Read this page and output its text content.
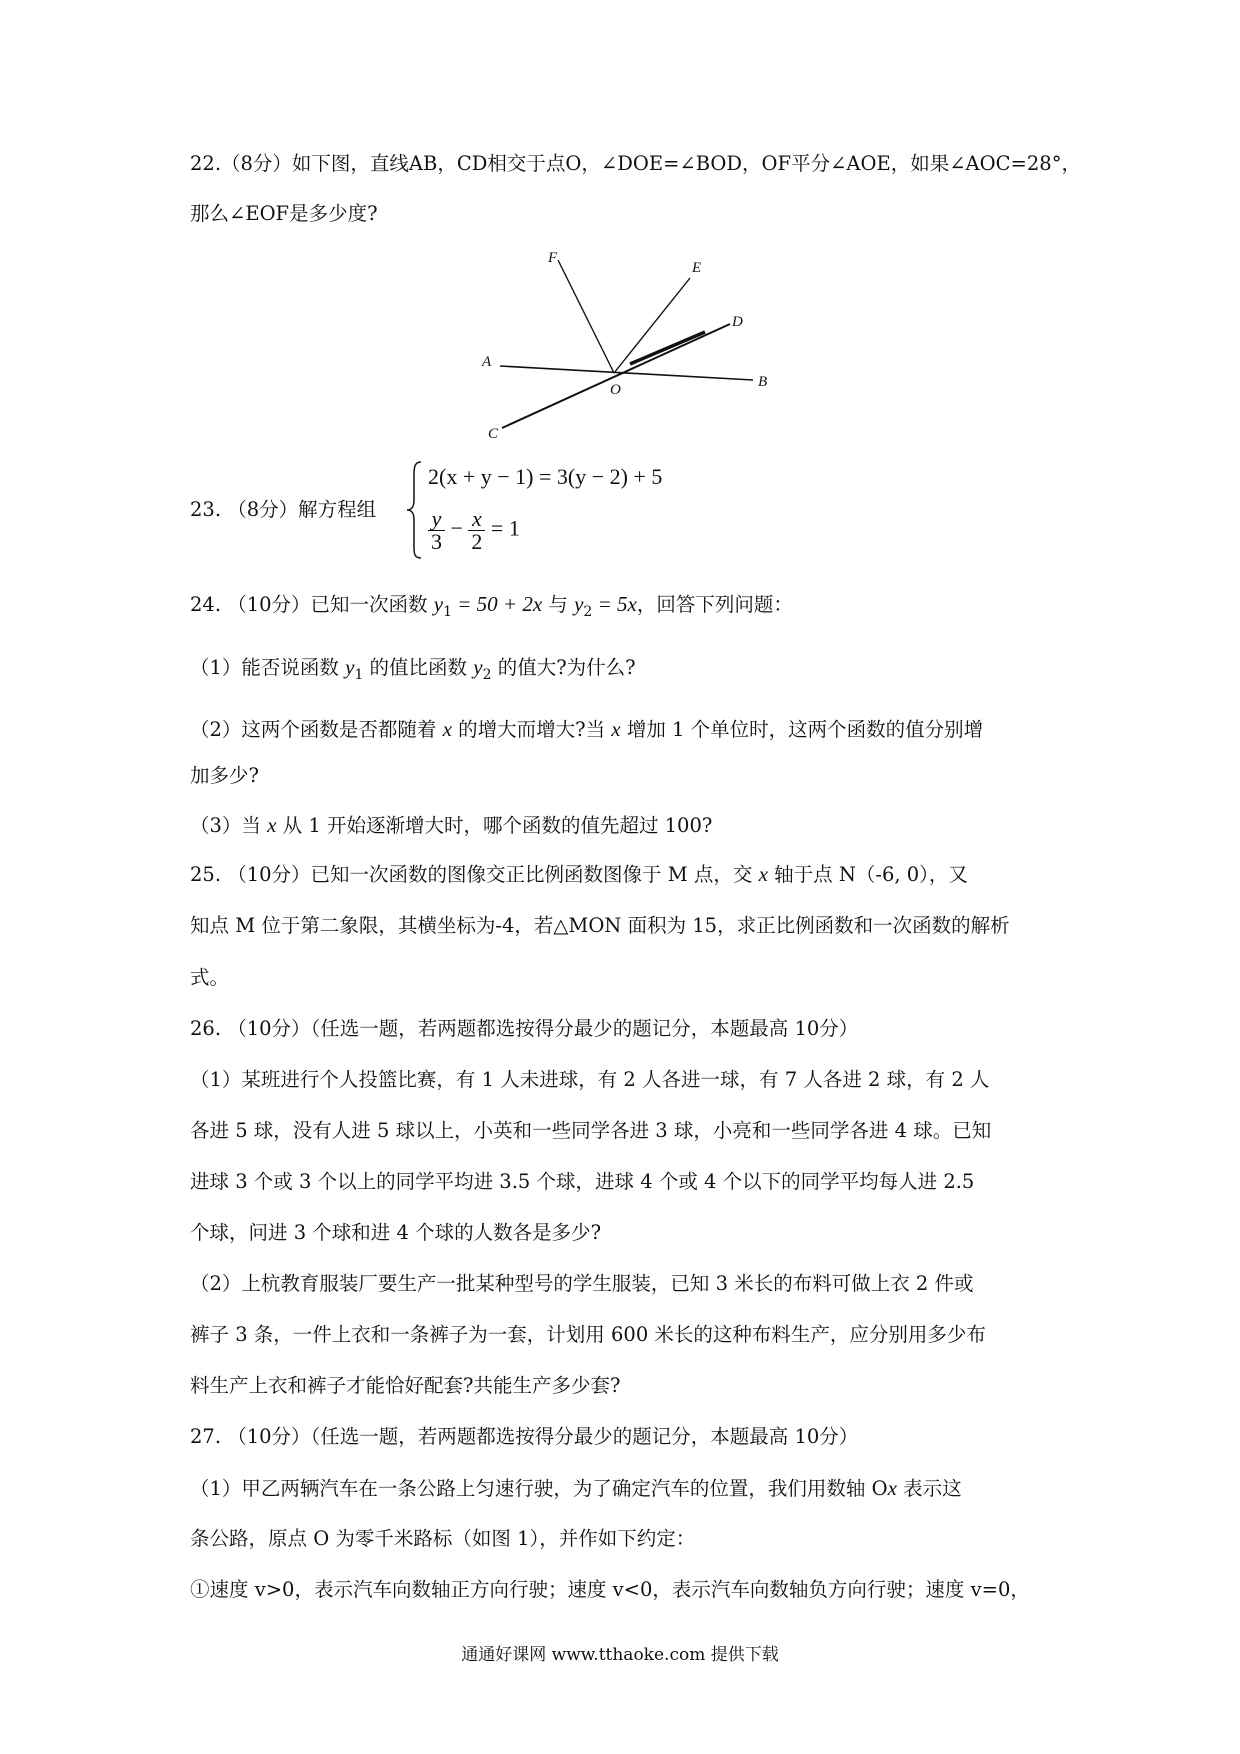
22.（8分）如下图，直线AB，CD相交于点O，∠DOE=∠BOD，OF平分∠AOE，如果∠AOC=28°，
那么∠EOF是多少度?
F
E
D
A
O	B
C
23. （8分）解方程组
2(x + y − 1) = 3(y − 2) + 5
$\frac{y}{3} - \frac{x}{2} = 1$
24. （10分）已知一次函数 $y_1 = 50 + 2x$ 与 $y_2 = 5x$，回答下列问题：
（1）能否说函数 $y_1$ 的值比函数 $y_2$ 的值大?为什么?
（2）这两个函数是否都随着 x 的增大而增大?当 x 增加 1 个单位时，这两个函数的值分别增
加多少?
（3）当 x 从 1 开始逐渐增大时，哪个函数的值先超过 100?
25. （10分）已知一次函数的图像交正比例函数图像于 M 点，交 x 轴于点 N（-6, 0），又
知点 M 位于第二象限，其横坐标为-4，若△MON 面积为 15，求正比例函数和一次函数的解析
式。
26. （10分）（任选一题，若两题都选按得分最少的题记分，本题最高 10分）
（1）某班进行个人投篮比赛，有 1 人未进球，有 2 人各进一球，有 7 人各进 2 球，有 2 人
各进 5 球，没有人进 5 球以上，小英和一些同学各进 3 球，小亮和一些同学各进 4 球。已知
进球 3 个或 3 个以上的同学平均进 3.5 个球，进球 4 个或 4 个以下的同学平均每人进 2.5
个球，问进 3 个球和进 4 个球的人数各是多少?
（2）上杭教育服装厂要生产一批某种型号的学生服装，已知 3 米长的布料可做上衣 2 件或
裤子 3 条，一件上衣和一条裤子为一套，计划用 600 米长的这种布料生产，应分别用多少布
料生产上衣和裤子才能恰好配套?共能生产多少套?
27. （10分）（任选一题，若两题都选按得分最少的题记分，本题最高 10分）
（1）甲乙两辆汽车在一条公路上匀速行驶，为了确定汽车的位置，我们用数轴 Ox 表示这
条公路，原点 O 为零千米路标（如图 1），并作如下约定：
①速度 v>0，表示汽车向数轴正方向行驶；速度 v<0，表示汽车向数轴负方向行驶；速度 v=0，
通通好课网 www.tthaoke.com 提供下载
